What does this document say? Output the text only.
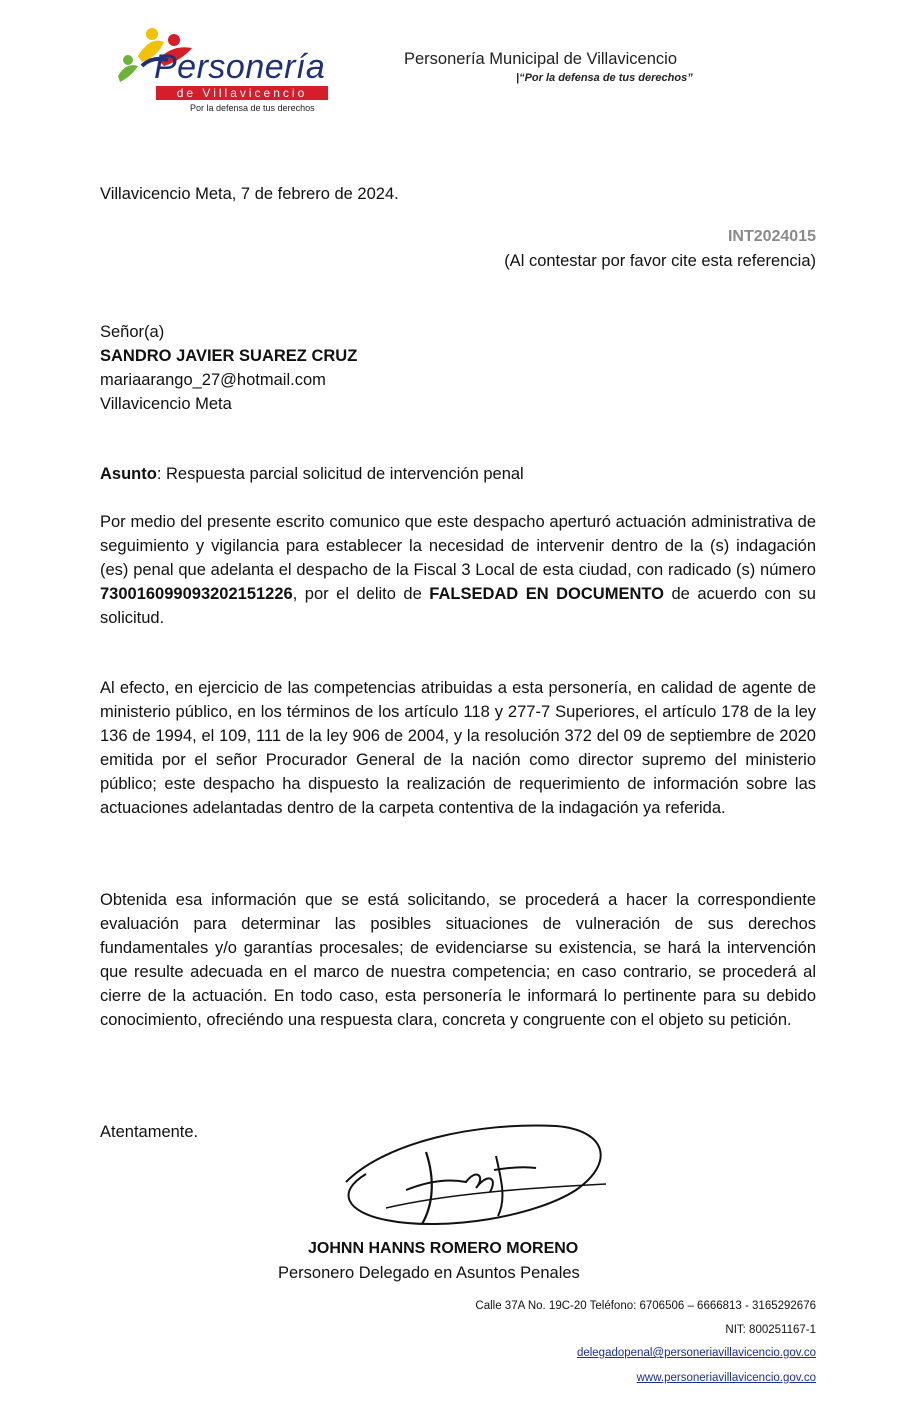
Personería
de Villavicencio
Por la defensa de tus derechos
Personería Municipal de Villavicencio
|“Por la defensa de tus derechos”
Villavicencio Meta, 7 de febrero de 2024.
INT2024015
(Al contestar por favor cite esta referencia)
Señor(a)
SANDRO JAVIER SUAREZ CRUZ
mariaarango_27@hotmail.com
Villavicencio Meta
Asunto: Respuesta parcial solicitud de intervención penal
Por medio del presente escrito comunico que este despacho aperturó actuación administrativa de seguimiento y vigilancia para establecer la necesidad de intervenir dentro de la (s) indagación (es) penal que adelanta el despacho de la Fiscal 3 Local de esta ciudad, con radicado (s) número 730016099093202151226, por el delito de FALSEDAD EN DOCUMENTO de acuerdo con su solicitud.
Al efecto, en ejercicio de las competencias atribuidas a esta personería, en calidad de agente de ministerio público, en los términos de los artículo 118 y 277-7 Superiores, el artículo 178 de la ley 136 de 1994, el 109, 111 de la ley 906 de 2004, y la resolución 372 del 09 de septiembre de 2020 emitida por el señor Procurador General de la nación como director supremo del ministerio público; este despacho ha dispuesto la realización de requerimiento de información sobre las actuaciones adelantadas dentro de la carpeta contentiva de la indagación ya referida.
Obtenida esa información que se está solicitando, se procederá a hacer la correspondiente evaluación para determinar las posibles situaciones de vulneración de sus derechos fundamentales y/o garantías procesales; de evidenciarse su existencia, se hará la intervención que resulte adecuada en el marco de nuestra competencia; en caso contrario, se procederá al cierre de la actuación. En todo caso, esta personería le informará lo pertinente para su debido conocimiento, ofreciéndo una respuesta clara, concreta y congruente con el objeto su petición.
Atentamente.
JOHNN HANNS ROMERO MORENO
Personero Delegado en Asuntos Penales
Calle 37A No. 19C-20 Teléfono: 6706506 – 6666813 - 3165292676
NIT: 800251167-1
delegadopenal@personeriavillavicencio.gov.co
www.personeriavillavicencio.gov.co
